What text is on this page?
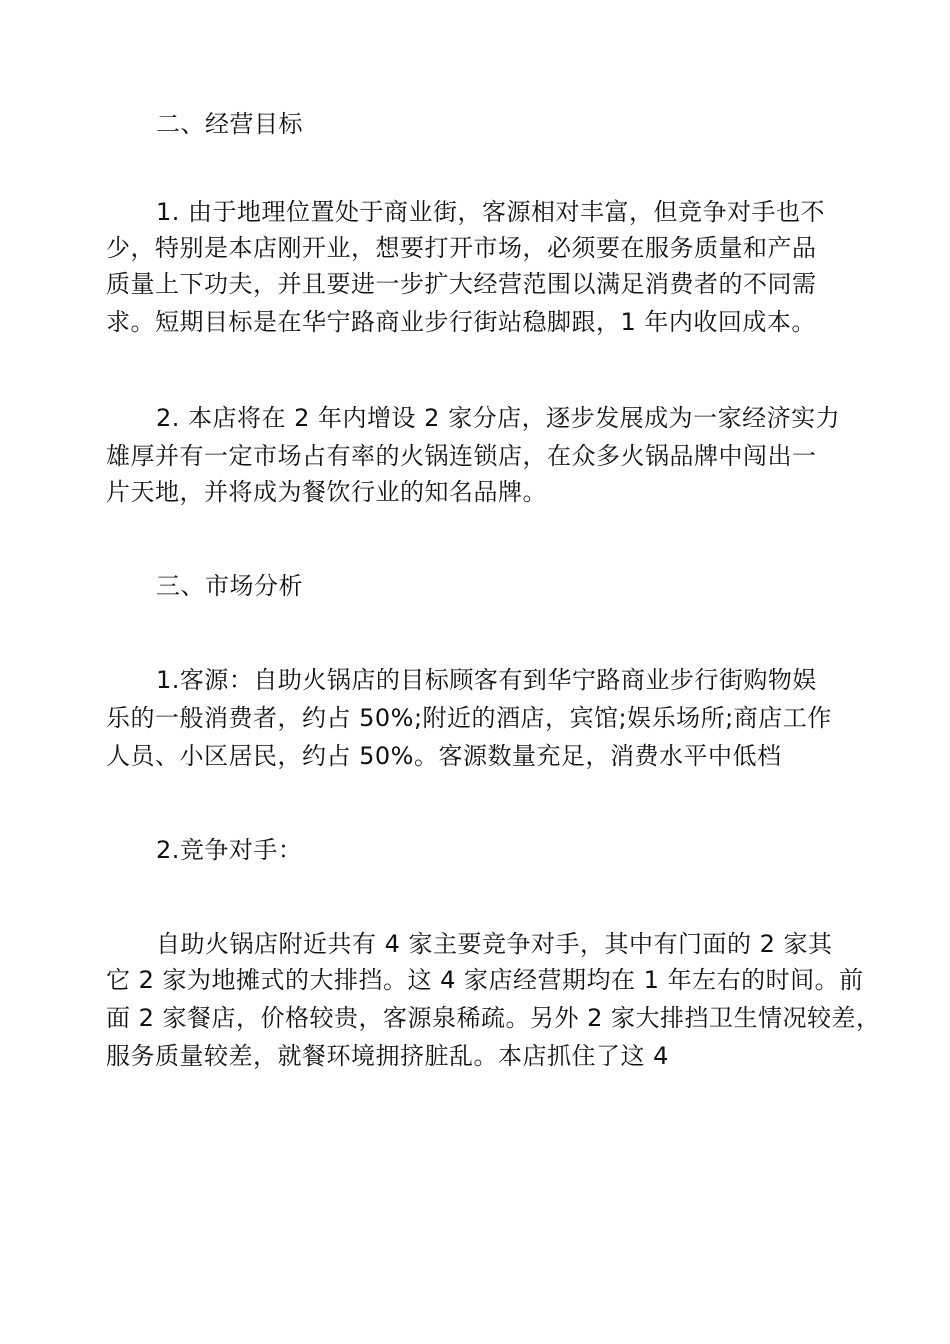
二、经营目标
1. 由于地理位置处于商业街，客源相对丰富，但竞争对手也不
少，特别是本店刚开业，想要打开市场，必须要在服务质量和产品
质量上下功夫，并且要进一步扩大经营范围以满足消费者的不同需
求。短期目标是在华宁路商业步行街站稳脚跟，1 年内收回成本。
2. 本店将在 2 年内增设 2 家分店，逐步发展成为一家经济实力
雄厚并有一定市场占有率的火锅连锁店，在众多火锅品牌中闯出一
片天地，并将成为餐饮行业的知名品牌。
三、市场分析
1.客源：自助火锅店的目标顾客有到华宁路商业步行街购物娱
乐的一般消费者，约占 50%;附近的酒店，宾馆;娱乐场所;商店工作
人员、小区居民，约占 50%。客源数量充足，消费水平中低档
2.竞争对手：
自助火锅店附近共有 4 家主要竞争对手，其中有门面的 2 家其
它 2 家为地摊式的大排挡。这 4 家店经营期均在 1 年左右的时间。前
面 2 家餐店，价格较贵，客源泉稀疏。另外 2 家大排挡卫生情况较差，
服务质量较差，就餐环境拥挤脏乱。本店抓住了这 4
